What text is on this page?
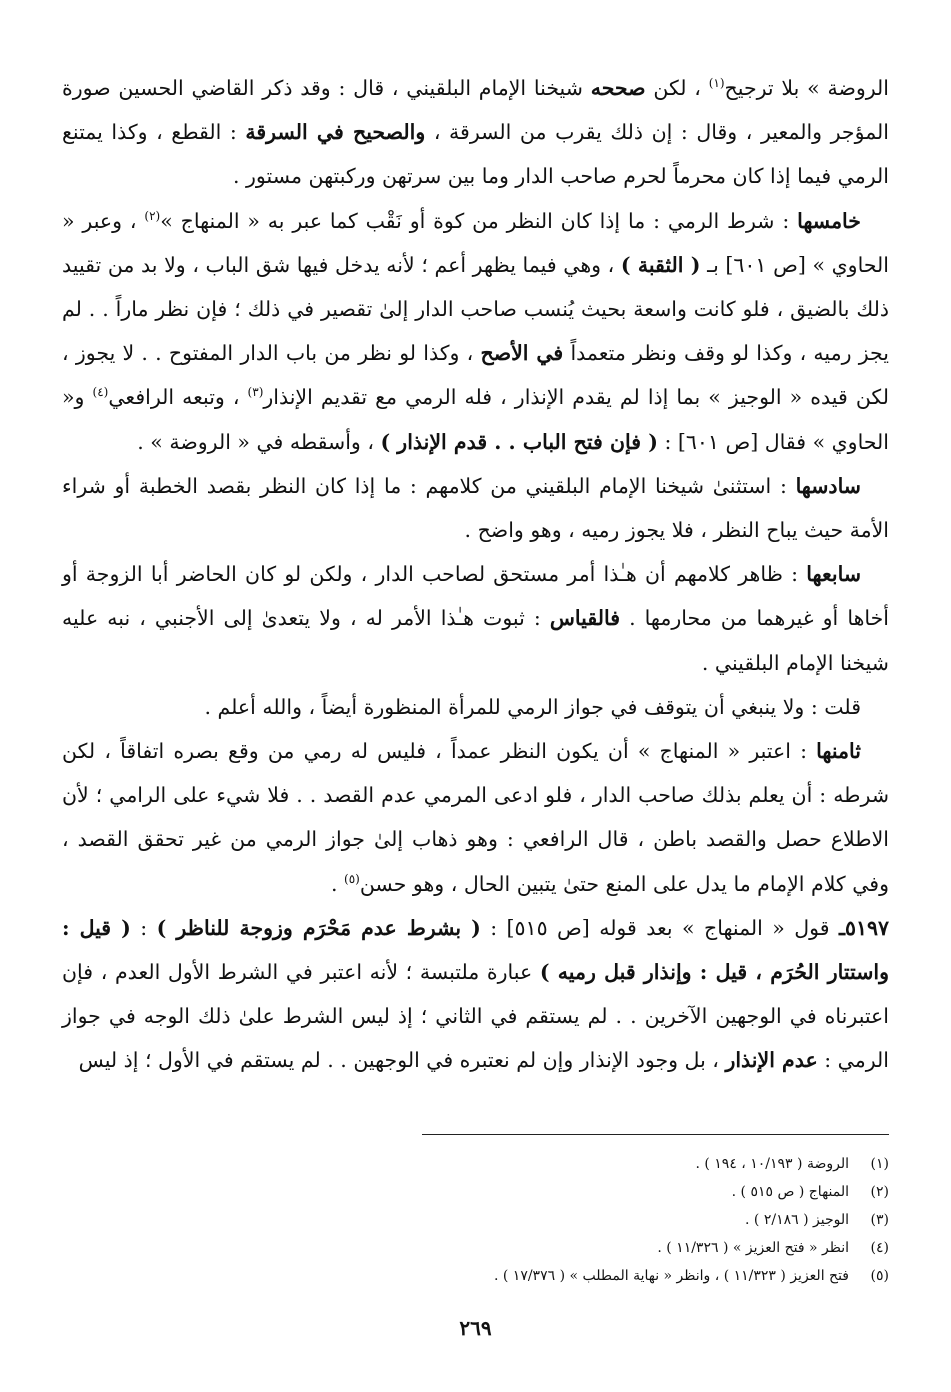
الروضة » بلا ترجيح$^{(١)}$ ، لكن صححه شيخنا الإمام البلقيني ، قال : وقد ذكر القاضي الحسين صورة المؤجر والمعير ، وقال : إن ذلك يقرب من السرقة ، والصحيح في السرقة : القطع ، وكذا يمتنع الرمي فيما إذا كان محرماً لحرم صاحب الدار وما بين سرتهن وركبتهن مستور .

خامسها : شرط الرمي : ما إذا كان النظر من كوة أو نَقْب كما عبر به « المنهاج »$^{(٢)}$ ، وعبر « الحاوي » [ص ٦٠١] بـ ( الثقبة ) ، وهي فيما يظهر أعم ؛ لأنه يدخل فيها شق الباب ، ولا بد من تقييد ذلك بالضيق ، فلو كانت واسعة بحيث يُنسب صاحب الدار إلىٰ تقصير في ذلك ؛ فإن نظر ماراً . . لم يجز رميه ، وكذا لو وقف ونظر متعمداً في الأصح ، وكذا لو نظر من باب الدار المفتوح . . لا يجوز ، لكن قيده « الوجيز » بما إذا لم يقدم الإنذار ، فله الرمي مع تقديم الإنذار$^{(٣)}$ ، وتبعه الرافعي$^{(٤)}$ و« الحاوي » فقال [ص ٦٠١] : ( فإن فتح الباب . . قدم الإنذار ) ، وأسقطه في « الروضة » .

سادسها : استثنىٰ شيخنا الإمام البلقيني من كلامهم : ما إذا كان النظر بقصد الخطبة أو شراء الأمة حيث يباح النظر ، فلا يجوز رميه ، وهو واضح .

سابعها : ظاهر كلامهم أن هـٰذا أمر مستحق لصاحب الدار ، ولكن لو كان الحاضر أبا الزوجة أو أخاها أو غيرهما من محارمها . فالقياس : ثبوت هـٰذا الأمر له ، ولا يتعدىٰ إلى الأجنبي ، نبه عليه شيخنا الإمام البلقيني .

قلت : ولا ينبغي أن يتوقف في جواز الرمي للمرأة المنظورة أيضاً ، والله أعلم .

ثامنها : اعتبر « المنهاج » أن يكون النظر عمداً ، فليس له رمي من وقع بصره اتفاقاً ، لكن شرطه : أن يعلم بذلك صاحب الدار ، فلو ادعى المرمي عدم القصد . . فلا شيء على الرامي ؛ لأن الاطلاع حصل والقصد باطن ، قال الرافعي : وهو ذهاب إلىٰ جواز الرمي من غير تحقق القصد ، وفي كلام الإمام ما يدل على المنع حتىٰ يتبين الحال ، وهو حسن$^{(٥)}$ .

٥١٩٧ـ قول « المنهاج » بعد قوله [ص ٥١٥] : ( بشرط عدم مَحْرَم وزوجة للناظر ) : ( قيل : واستتار الحُرَم ، قيل : وإنذار قبل رميه ) عبارة ملتبسة ؛ لأنه اعتبر في الشرط الأول العدم ، فإن اعتبرناه في الوجهين الآخرين . . لم يستقم في الثاني ؛ إذ ليس الشرط علىٰ ذلك الوجه في جواز الرمي : عدم الإنذار ، بل وجود الإنذار وإن لم نعتبره في الوجهين . . لم يستقم في الأول ؛ إذ ليس

(١)
الروضة ( ١٠/١٩٣ ، ١٩٤ ) .
(٢)
المنهاج ( ص ٥١٥ ) .
(٣)
الوجيز ( ٢/١٨٦ ) .
(٤)
انظر « فتح العزيز » ( ١١/٣٢٦ ) .
(٥)
فتح العزيز ( ١١/٣٢٣ ) ، وانظر « نهاية المطلب » ( ١٧/٣٧٦ ) .
٢٦٩
